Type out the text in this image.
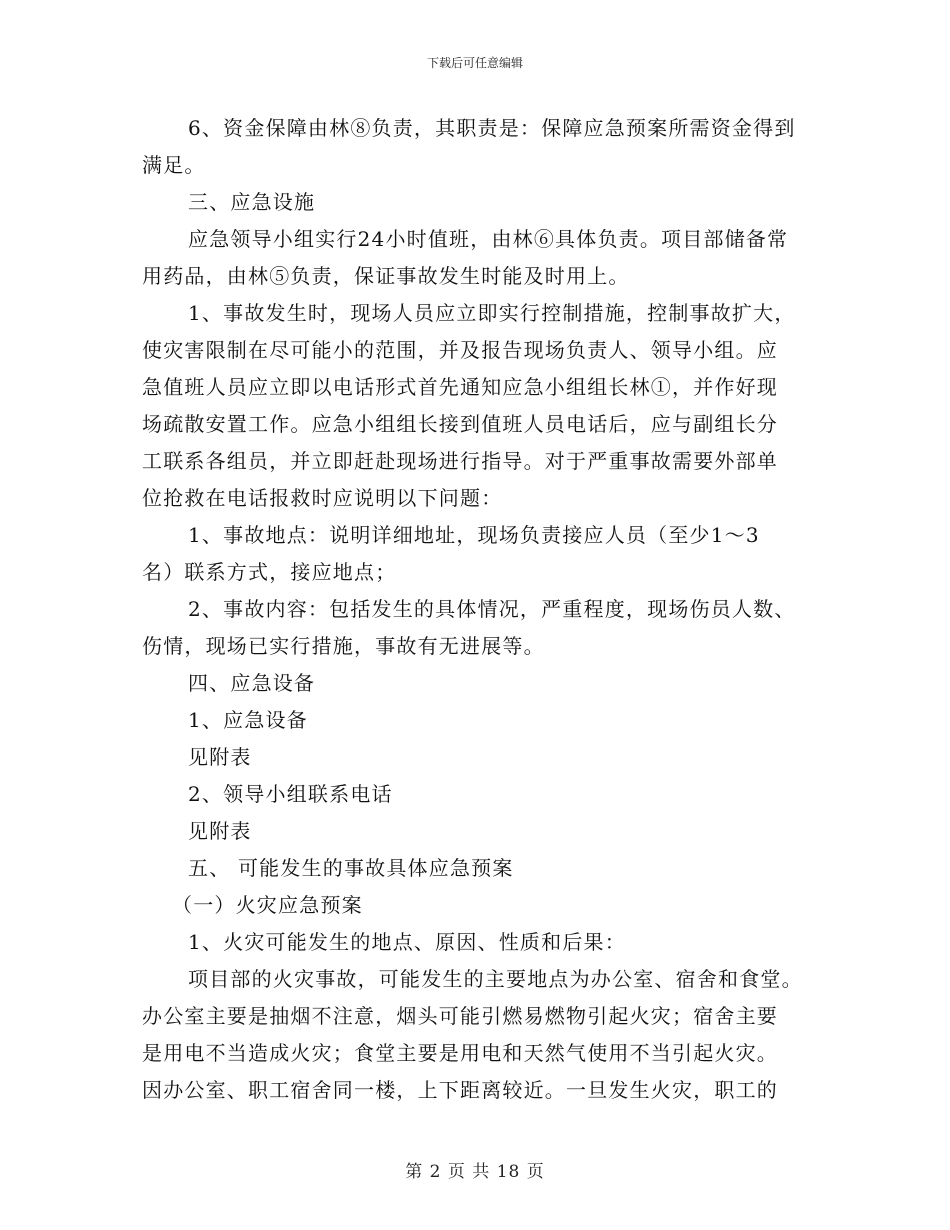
下载后可任意编辑

6、资金保障由林⑧负责，其职责是：保障应急预案所需资金得到

满足。

三、应急设施

应急领导小组实行24小时值班，由林⑥具体负责。项目部储备常

用药品，由林⑤负责，保证事故发生时能及时用上。

1、事故发生时，现场人员应立即实行控制措施，控制事故扩大，

使灾害限制在尽可能小的范围，并及报告现场负责人、领导小组。应

急值班人员应立即以电话形式首先通知应急小组组长林①，并作好现

场疏散安置工作。应急小组组长接到值班人员电话后，应与副组长分

工联系各组员，并立即赶赴现场进行指导。对于严重事故需要外部单

位抢救在电话报救时应说明以下问题：

1、事故地点：说明详细地址，现场负责接应人员（至少1～3

名）联系方式，接应地点；

2、事故内容：包括发生的具体情况，严重程度，现场伤员人数、

伤情，现场已实行措施，事故有无进展等。

四、应急设备

1、应急设备

见附表

2、领导小组联系电话

见附表

五、 可能发生的事故具体应急预案

（一）火灾应急预案

1、火灾可能发生的地点、原因、性质和后果：

项目部的火灾事故，可能发生的主要地点为办公室、宿舍和食堂。

办公室主要是抽烟不注意，烟头可能引燃易燃物引起火灾；宿舍主要

是用电不当造成火灾；食堂主要是用电和天然气使用不当引起火灾。

因办公室、职工宿舍同一楼，上下距离较近。一旦发生火灾，职工的

第 2 页 共 18 页
